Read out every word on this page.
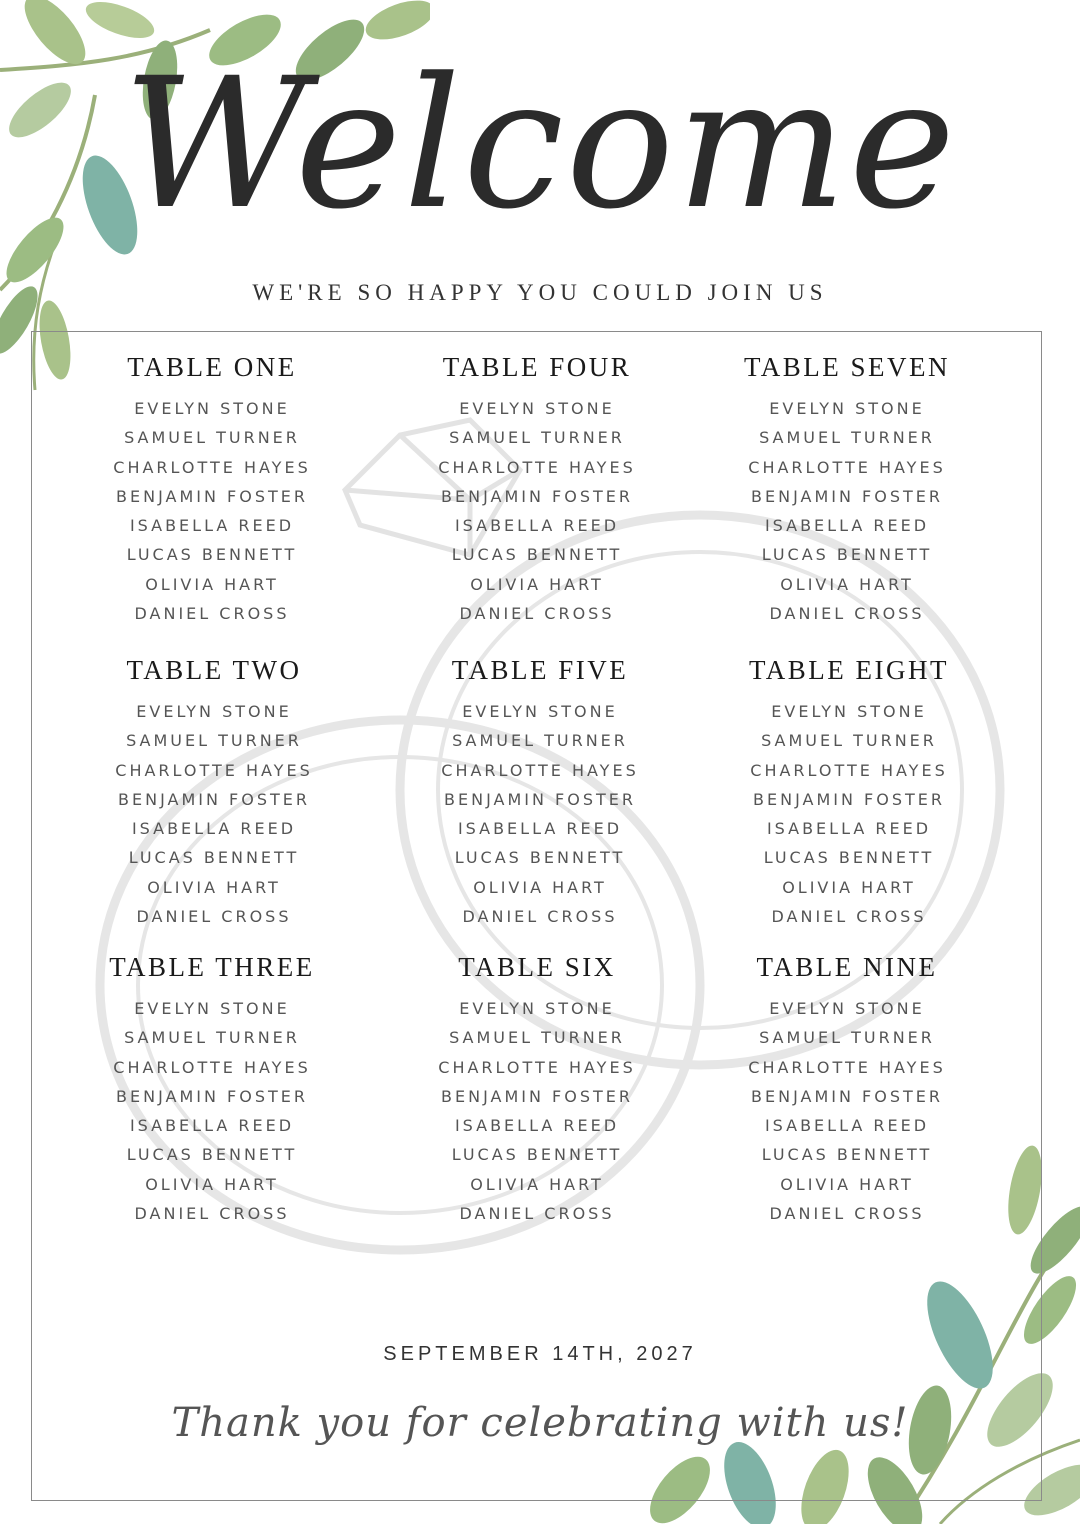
Welcome
WE'RE SO HAPPY YOU COULD JOIN US
TABLE ONE
EVELYN STONE
SAMUEL TURNER
CHARLOTTE HAYES
BENJAMIN FOSTER
ISABELLA REED
LUCAS BENNETT
OLIVIA HART
DANIEL CROSS
TABLE FOUR
EVELYN STONE
SAMUEL TURNER
CHARLOTTE HAYES
BENJAMIN FOSTER
ISABELLA REED
LUCAS BENNETT
OLIVIA HART
DANIEL CROSS
TABLE SEVEN
EVELYN STONE
SAMUEL TURNER
CHARLOTTE HAYES
BENJAMIN FOSTER
ISABELLA REED
LUCAS BENNETT
OLIVIA HART
DANIEL CROSS
TABLE TWO
EVELYN STONE
SAMUEL TURNER
CHARLOTTE HAYES
BENJAMIN FOSTER
ISABELLA REED
LUCAS BENNETT
OLIVIA HART
DANIEL CROSS
TABLE FIVE
EVELYN STONE
SAMUEL TURNER
CHARLOTTE HAYES
BENJAMIN FOSTER
ISABELLA REED
LUCAS BENNETT
OLIVIA HART
DANIEL CROSS
TABLE EIGHT
EVELYN STONE
SAMUEL TURNER
CHARLOTTE HAYES
BENJAMIN FOSTER
ISABELLA REED
LUCAS BENNETT
OLIVIA HART
DANIEL CROSS
TABLE THREE
EVELYN STONE
SAMUEL TURNER
CHARLOTTE HAYES
BENJAMIN FOSTER
ISABELLA REED
LUCAS BENNETT
OLIVIA HART
DANIEL CROSS
TABLE SIX
EVELYN STONE
SAMUEL TURNER
CHARLOTTE HAYES
BENJAMIN FOSTER
ISABELLA REED
LUCAS BENNETT
OLIVIA HART
DANIEL CROSS
TABLE NINE
EVELYN STONE
SAMUEL TURNER
CHARLOTTE HAYES
BENJAMIN FOSTER
ISABELLA REED
LUCAS BENNETT
OLIVIA HART
DANIEL CROSS
SEPTEMBER 14TH, 2027
Thank you for celebrating with us!
